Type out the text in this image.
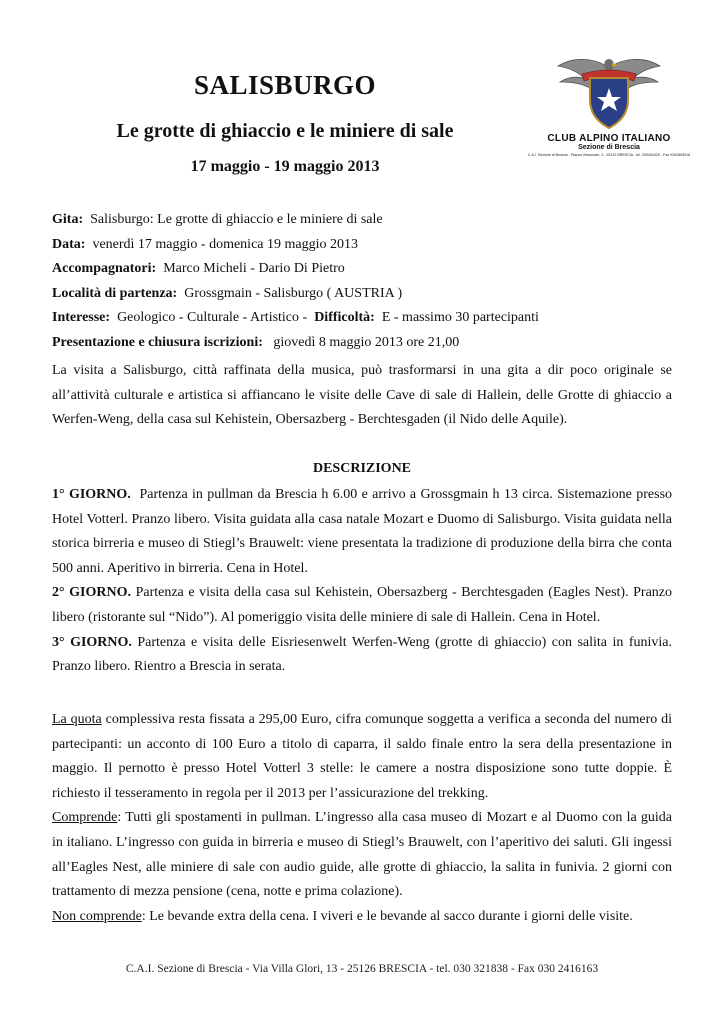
SALISBURGO
Le grotte di ghiaccio e le miniere di sale
17 maggio - 19 maggio 2013
CLUB ALPINO ITALIANO
Sezione di Brescia
C.A.I. Sezione di Brescia - Piazza Vescovato, 3 - 25122 BRESCIA - tel. 030404420 - Fax 0302809918
Gita: Salisburgo: Le grotte di ghiaccio e le miniere di sale
Data: venerdì 17 maggio - domenica 19 maggio 2013
Accompagnatori: Marco Micheli - Dario Di Pietro
Località di partenza: Grossgmain - Salisburgo ( AUSTRIA )
Interesse: Geologico - Culturale - Artistico - Difficoltà: E - massimo 30 partecipanti
Presentazione e chiusura iscrizioni: giovedì 8 maggio 2013 ore 21,00
La visita a Salisburgo, città raffinata della musica, può trasformarsi in una gita a dir poco originale se all’attività culturale e artistica si affiancano le visite delle Cave di sale di Hallein, delle Grotte di ghiaccio a Werfen-Weng, della casa sul Kehistein, Obersazberg - Berchtesgaden (il Nido delle Aquile).
DESCRIZIONE
1° GIORNO. Partenza in pullman da Brescia h 6.00 e arrivo a Grossgmain h 13 circa. Sistemazione presso Hotel Votterl. Pranzo libero. Visita guidata alla casa natale Mozart e Duomo di Salisburgo. Visita guidata nella storica birreria e museo di Stiegl’s Brauwelt: viene presentata la tradizione di produzione della birra che conta 500 anni. Aperitivo in birreria. Cena in Hotel.
2° GIORNO. Partenza e visita della casa sul Kehistein, Obersazberg - Berchtesgaden (Eagles Nest). Pranzo libero (ristorante sul “Nido”). Al pomeriggio visita delle miniere di sale di Hallein. Cena in Hotel.
3° GIORNO. Partenza e visita delle Eisriesenwelt Werfen-Weng (grotte di ghiaccio) con salita in funivia. Pranzo libero. Rientro a Brescia in serata.
La quota complessiva resta fissata a 295,00 Euro, cifra comunque soggetta a verifica a seconda del numero di partecipanti: un acconto di 100 Euro a titolo di caparra, il saldo finale entro la sera della presentazione in maggio. Il pernotto è presso Hotel Votterl 3 stelle: le camere a nostra disposizione sono tutte doppie. È richiesto il tesseramento in regola per il 2013 per l’assicurazione del trekking.
Comprende: Tutti gli spostamenti in pullman. L’ingresso alla casa museo di Mozart e al Duomo con la guida in italiano. L’ingresso con guida in birreria e museo di Stiegl’s Brauwelt, con l’aperitivo dei saluti. Gli ingessi all’Eagles Nest, alle miniere di sale con audio guide, alle grotte di ghiaccio, la salita in funivia. 2 giorni con trattamento di mezza pensione (cena, notte e prima colazione).
Non comprende: Le bevande extra della cena. I viveri e le bevande al sacco durante i giorni delle visite.
C.A.I. Sezione di Brescia - Via Villa Glori, 13 - 25126 BRESCIA - tel. 030 321838 - Fax 030 2416163
